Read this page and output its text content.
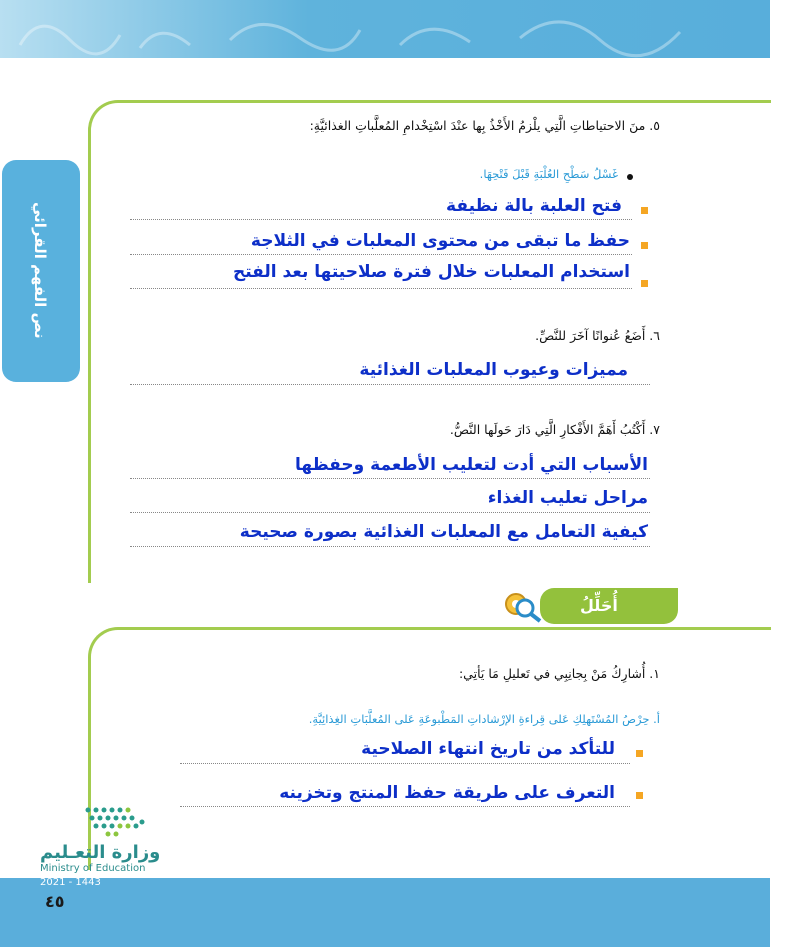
نص الفهم القرائي
٥. منَ الاحتياطاتِ الَّتِي يلْزمُ الأَخْذُ بِها عنْدَ اسْتِخْدامِ المُعلَّباتِ الغذائيَّةِ:
غَسْلُ سَطْحِ العُلْبَةِ قَبْلَ فَتْحِهَا.
فتح العلبة بالة نظيفة
حفظ ما تبقى من محتوى المعلبات في الثلاجة
استخدام المعلبات خلال فترة صلاحيتها بعد الفتح
٦. أَضَعُ عُنوانًا آخَرَ للنَّصِّ.
مميزات وعيوب المعلبات الغذائية
٧. أَكْتُبُ أَهَمَّ الأَفْكارِ الَّتِي دَارَ حَولَها النَّصُّ.
الأسباب التي أدت لتعليب الأطعمة وحفظها
مراحل تعليب الغذاء
كيفية التعامل مع المعلبات الغذائية بصورة صحيحة
أُحَلِّلُ
١. أُشارِكُ مَنْ بِجانِبِي في تَعليلِ مَا يَأتِي:
أ. حِرْصُ المُسْتَهلِكِ عَلى قِراءةِ الإرْشاداتِ المَطْبوعَةِ عَلى المُعلَّبَاتِ الغِذائِيَّةِ.
للتأكد من تاريخ انتهاء الصلاحية
التعرف على طريقة حفظ المنتج وتخزينه
وزارة التعـليم
Ministry of Education
2021 - 1443
٤٥
